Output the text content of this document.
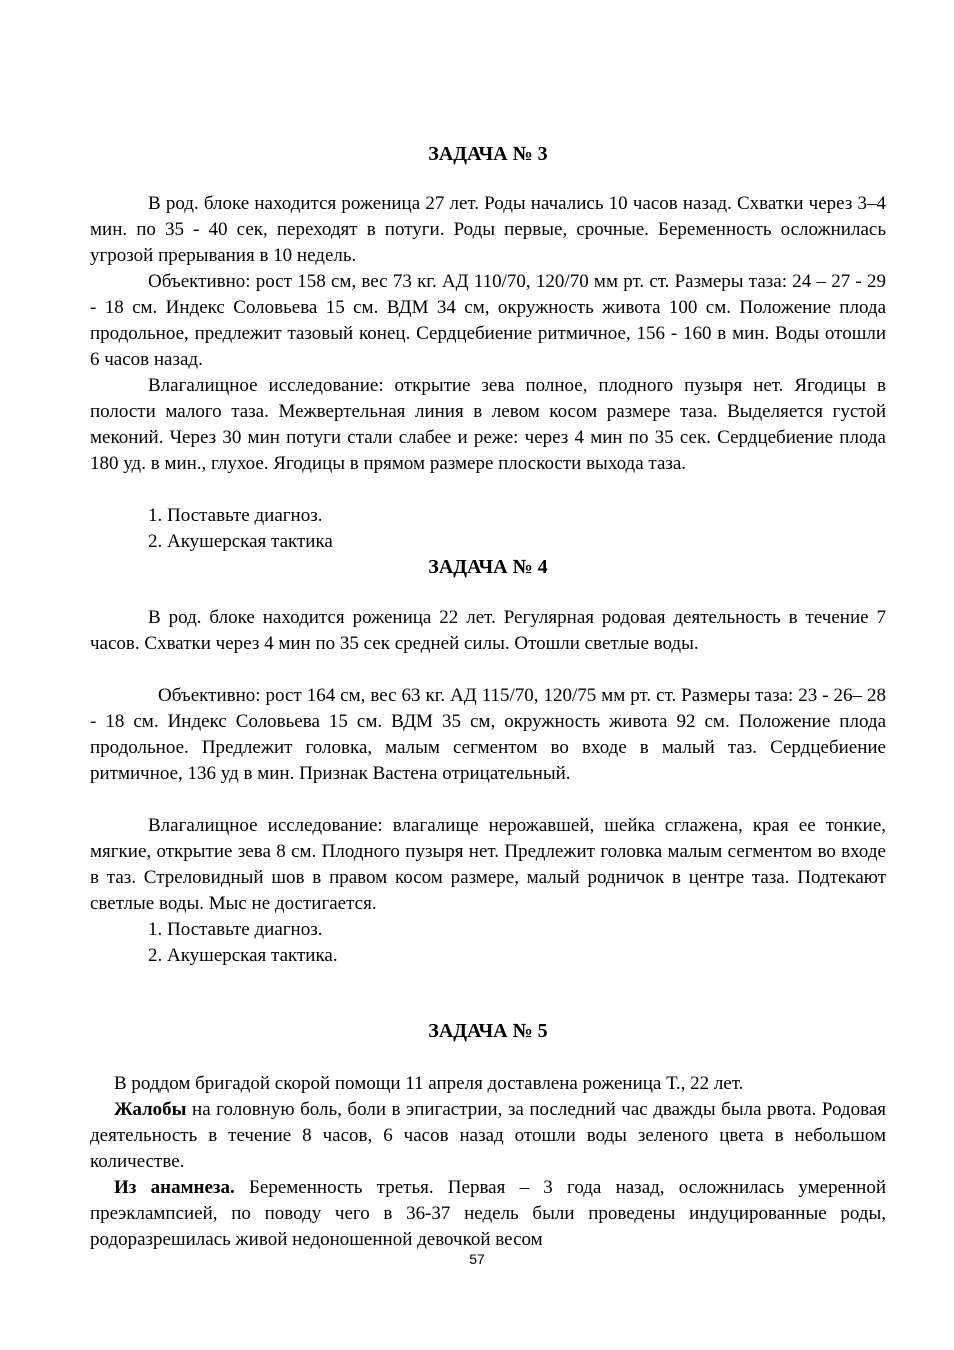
ЗАДАЧА № 3

В род. блоке находится роженица 27 лет. Роды начались 10 часов назад. Схватки через 3–4 мин. по 35 - 40 сек, переходят в потуги. Роды первые, срочные. Беременность осложнилась угрозой прерывания в 10 недель.

Объективно: рост 158 см, вес 73 кг. АД 110/70, 120/70 мм рт. ст. Размеры таза: 24 – 27 - 29 - 18 см. Индекс Соловьева 15 см. ВДМ 34 см, окружность живота 100 см. Положение плода продольное, предлежит тазовый конец. Сердцебиение ритмичное, 156 - 160 в мин. Воды отошли 6 часов назад.

Влагалищное исследование: открытие зева полное, плодного пузыря нет. Ягодицы в полости малого таза. Межвертельная линия в левом косом размере таза. Выделяется густой меконий. Через 30 мин потуги стали слабее и реже: через 4 мин по 35 сек. Сердцебиение плода 180 уд. в мин., глухое. Ягодицы в прямом размере плоскости выхода таза.

1. Поставьте диагноз.
2. Акушерская тактика
ЗАДАЧА № 4

В род. блоке находится роженица 22 лет. Регулярная родовая деятельность в течение 7 часов. Схватки через 4 мин по 35 сек средней силы. Отошли светлые воды.

Объективно: рост 164 см, вес 63 кг. АД 115/70, 120/75 мм рт. ст. Размеры таза: 23 - 26– 28 - 18 см. Индекс Соловьева 15 см. ВДМ 35 см, окружность живота 92 см. Положение плода продольное. Предлежит головка, малым сегментом во входе в малый таз. Сердцебиение ритмичное, 136 уд в мин. Признак Вастена отрицательный.

Влагалищное исследование: влагалище нерожавшей, шейка сглажена, края ее тонкие, мягкие, открытие зева 8 см. Плодного пузыря нет. Предлежит головка малым сегментом во входе в таз. Стреловидный шов в правом косом размере, малый родничок в центре таза. Подтекают светлые воды. Мыс не достигается.

1. Поставьте диагноз.
2. Акушерская тактика.
ЗАДАЧА № 5

В роддом бригадой скорой помощи 11 апреля доставлена роженица Т., 22 лет.

Жалобы на головную боль, боли в эпигастрии, за последний час дважды была рвота. Родовая деятельность в течение 8 часов, 6 часов назад отошли воды зеленого цвета в небольшом количестве.

Из анамнеза. Беременность третья. Первая – 3 года назад, осложнилась умеренной преэклампсией, по поводу чего в 36-37 недель были проведены индуцированные роды, родоразрешилась живой недоношенной девочкой весом

57
